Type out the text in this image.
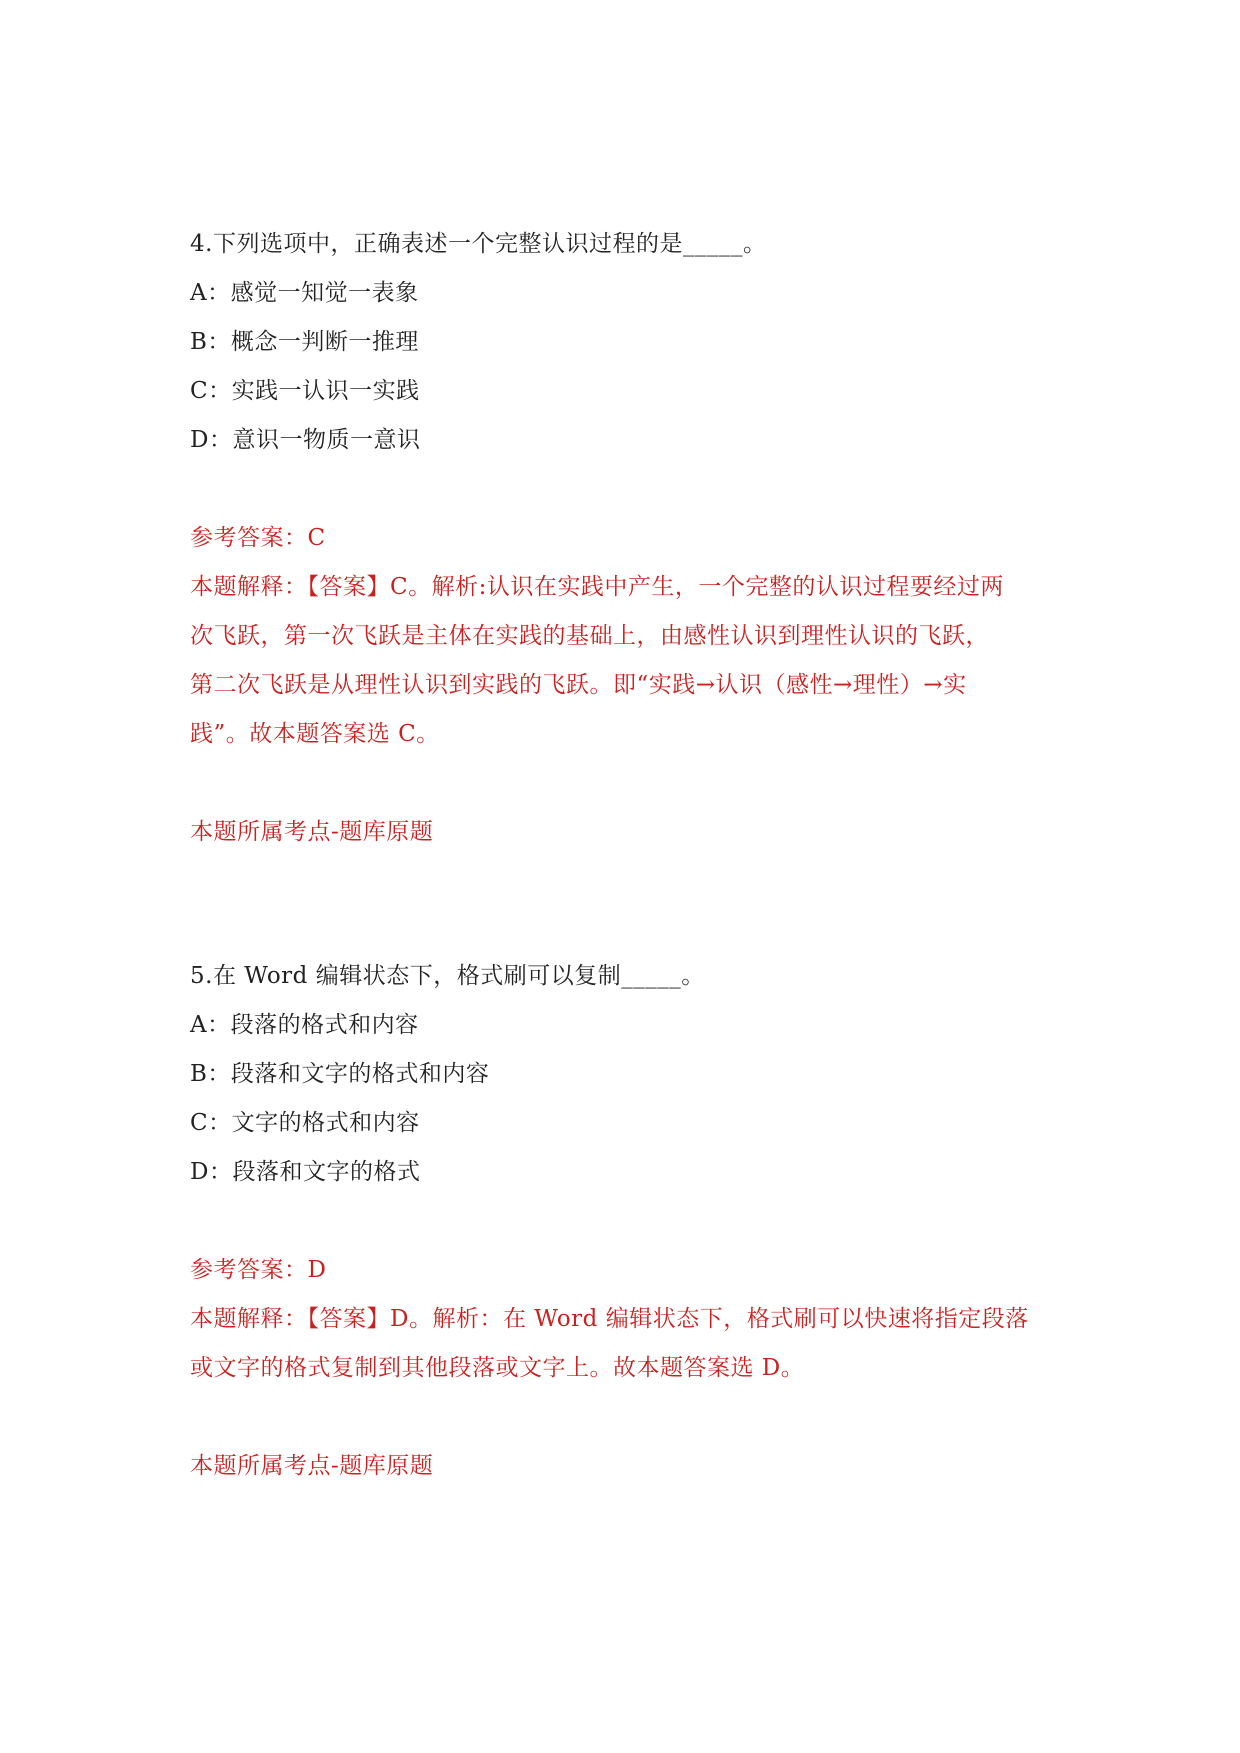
4.下列选项中，正确表述一个完整认识过程的是_____。
A：感觉一知觉一表象
B：概念一判断一推理
C：实践一认识一实践
D：意识一物质一意识
参考答案：C
本题解释：【答案】C。解析:认识在实践中产生，一个完整的认识过程要经过两
次飞跃，第一次飞跃是主体在实践的基础上，由感性认识到理性认识的飞跃，
第二次飞跃是从理性认识到实践的飞跃。即“实践→认识（感性→理性）→实
践”。故本题答案选 C。
本题所属考点-题库原题
5.在 Word 编辑状态下，格式刷可以复制_____。
A：段落的格式和内容
B：段落和文字的格式和内容
C：文字的格式和内容
D：段落和文字的格式
参考答案：D
本题解释：【答案】D。解析：在 Word 编辑状态下，格式刷可以快速将指定段落
或文字的格式复制到其他段落或文字上。故本题答案选 D。
本题所属考点-题库原题
